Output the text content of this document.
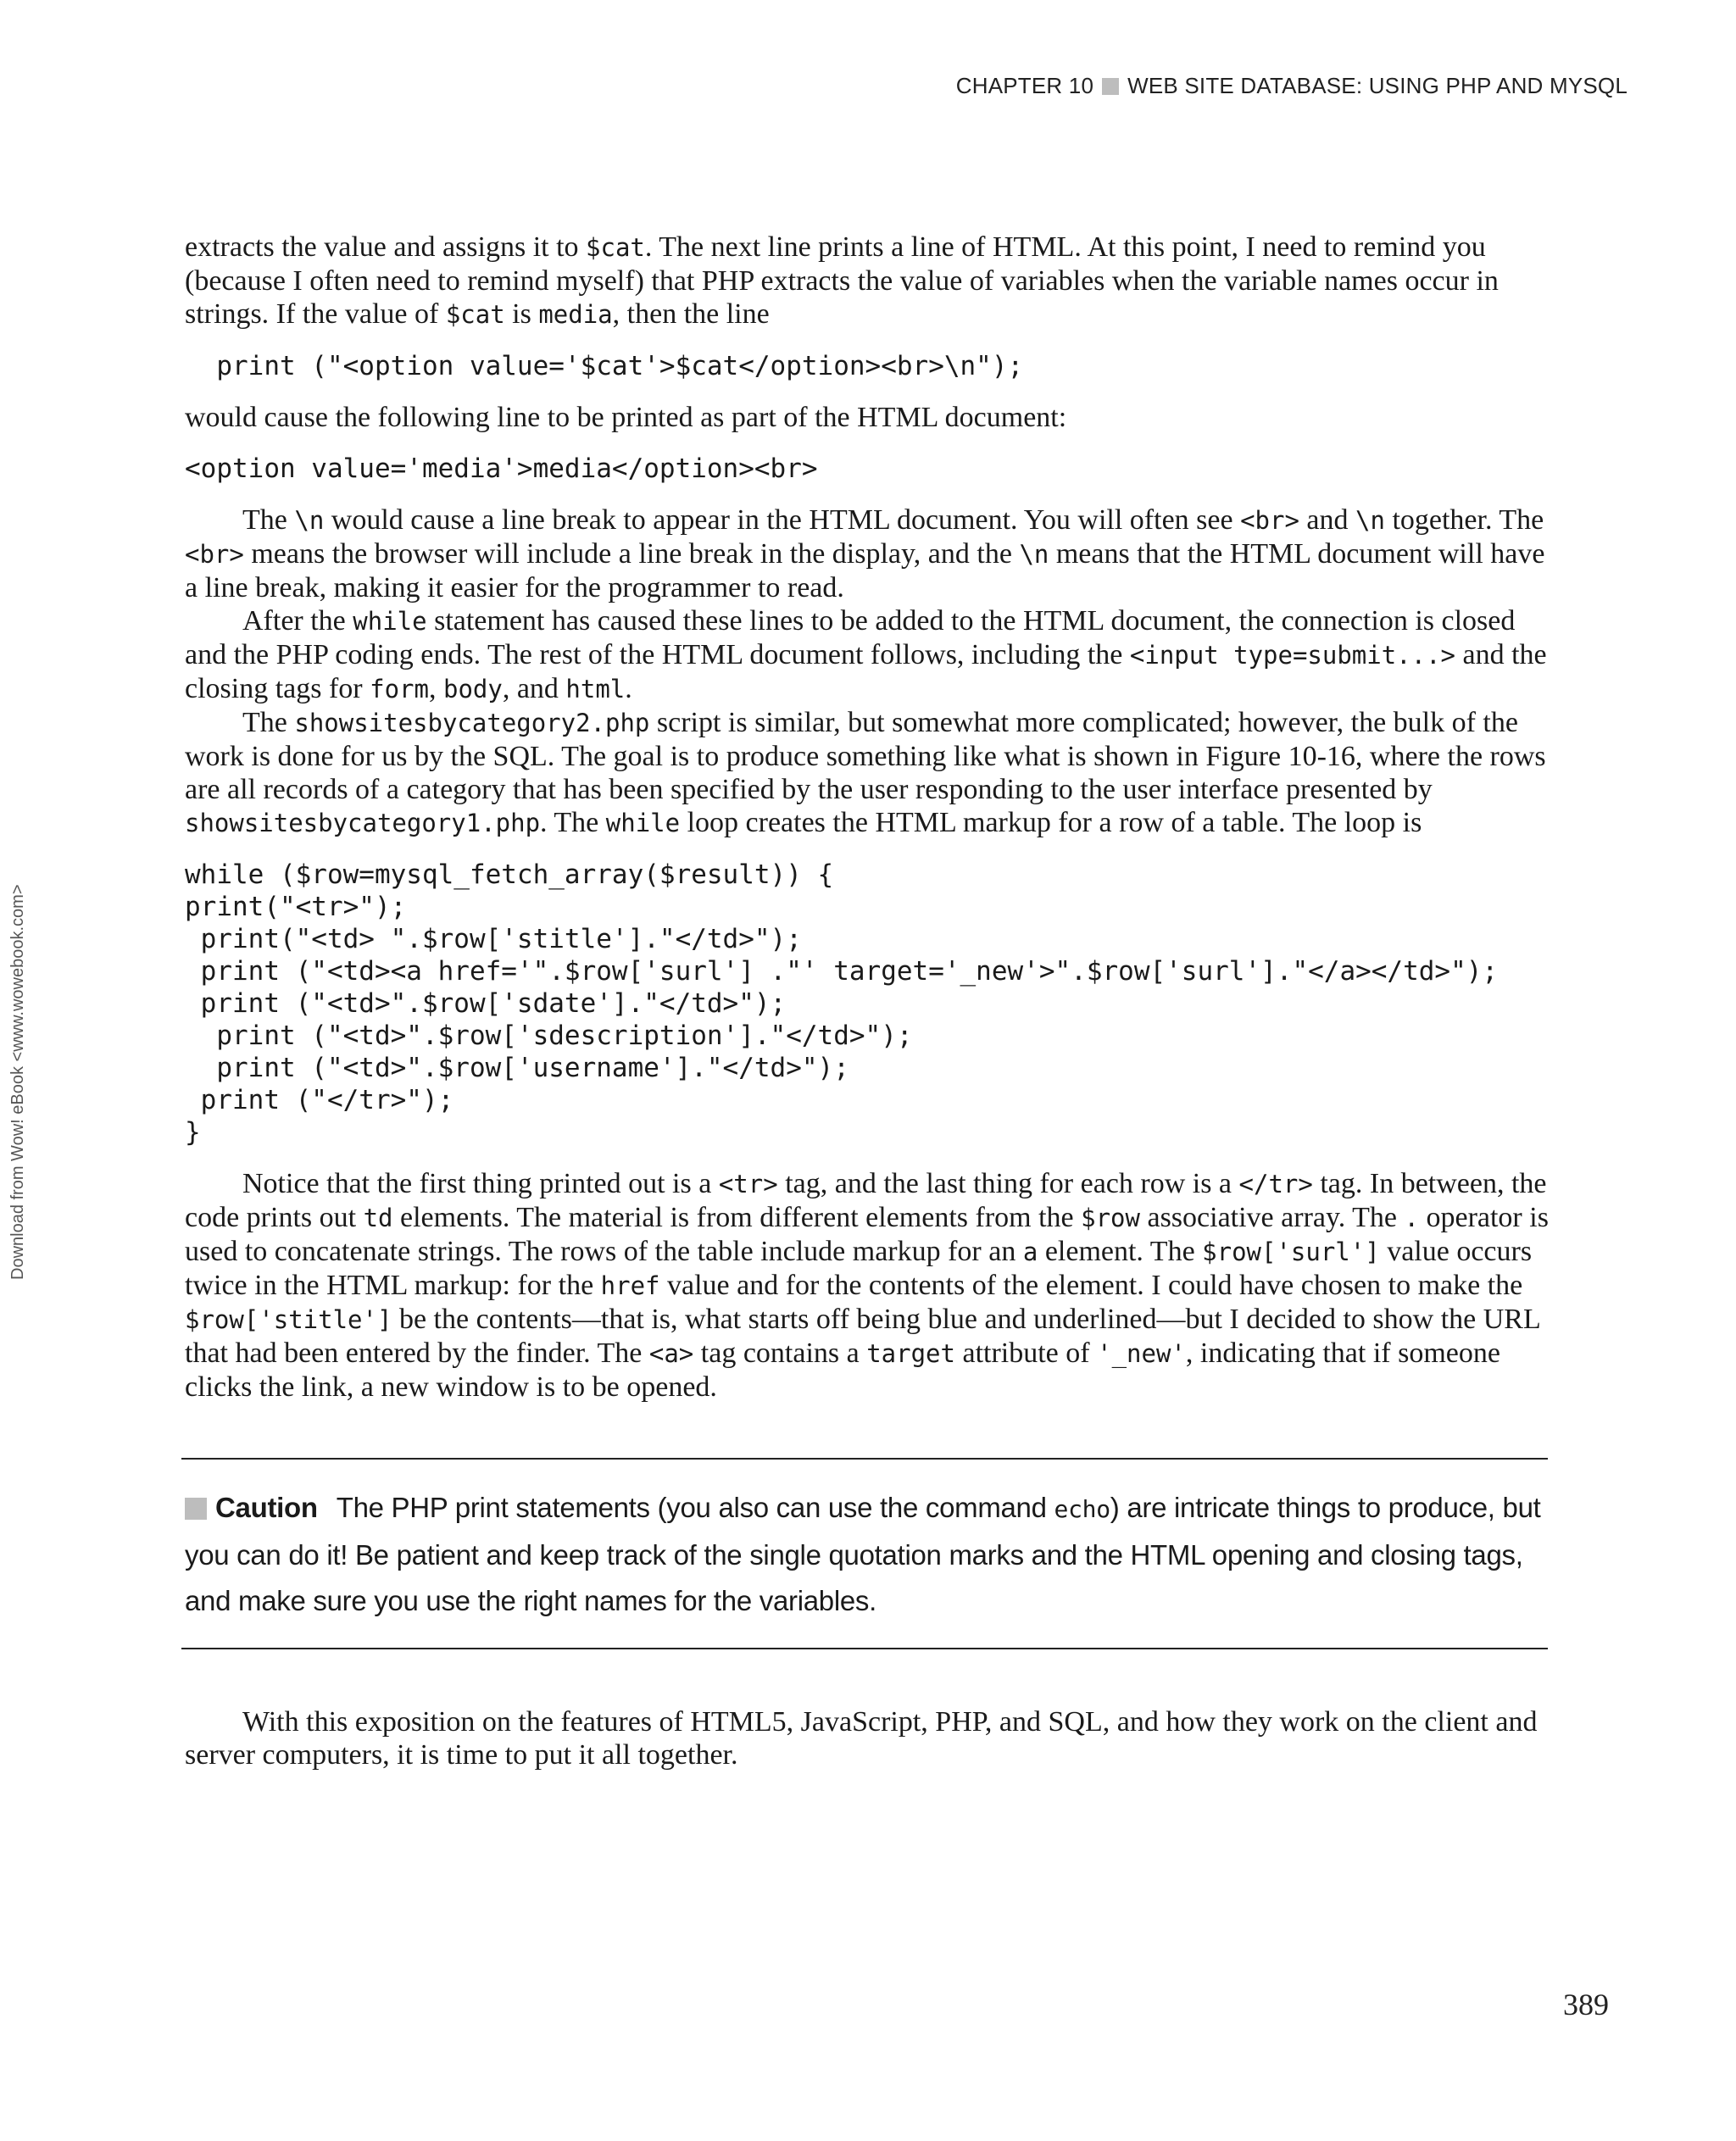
CHAPTER 10 WEB SITE DATABASE: USING PHP AND MYSQL
Download from Wow! eBook <www.wowebook.com>

extracts the value and assigns it to $cat. The next line prints a line of HTML. At this point, I need to remind you (because I often need to remind myself) that PHP extracts the value of variables when the variable names occur in strings. If the value of $cat is media, then the line

print ("<option value='$cat'>$cat</option><br>\n");

would cause the following line to be printed as part of the HTML document:

<option value='media'>media</option><br>

The \n would cause a line break to appear in the HTML document. You will often see <br> and \n together. The <br> means the browser will include a line break in the display, and the \n means that the HTML document will have a line break, making it easier for the programmer to read.

After the while statement has caused these lines to be added to the HTML document, the connection is closed and the PHP coding ends. The rest of the HTML document follows, including the <input type=submit...> and the closing tags for form, body, and html.

The showsitesbycategory2.php script is similar, but somewhat more complicated; however, the bulk of the work is done for us by the SQL. The goal is to produce something like what is shown in Figure 10-16, where the rows are all records of a category that has been specified by the user responding to the user interface presented by showsitesbycategory1.php. The while loop creates the HTML markup for a row of a table. The loop is

while ($row=mysql_fetch_array($result)) {
print("<tr>");
print("<td> ".$row['stitle']."</td>");
print ("<td><a href='".$row['surl'] ."' target='_new'>".$row['surl']."</a></td>");
print ("<td>".$row['sdate']."</td>");
print ("<td>".$row['sdescription']."</td>");
print ("<td>".$row['username']."</td>");
print ("</tr>");
}

Notice that the first thing printed out is a <tr> tag, and the last thing for each row is a </tr> tag. In between, the code prints out td elements. The material is from different elements from the $row associative array. The . operator is used to concatenate strings. The rows of the table include markup for an a element. The $row['surl'] value occurs twice in the HTML markup: for the href value and for the contents of the element. I could have chosen to make the $row['stitle'] be the contents—that is, what starts off being blue and underlined—but I decided to show the URL that had been entered by the finder. The <a> tag contains a target attribute of '_new', indicating that if someone clicks the link, a new window is to be opened.

Caution The PHP print statements (you also can use the command echo) are intricate things to produce, but you can do it! Be patient and keep track of the single quotation marks and the HTML opening and closing tags, and make sure you use the right names for the variables.

With this exposition on the features of HTML5, JavaScript, PHP, and SQL, and how they work on the client and server computers, it is time to put it all together.

389
